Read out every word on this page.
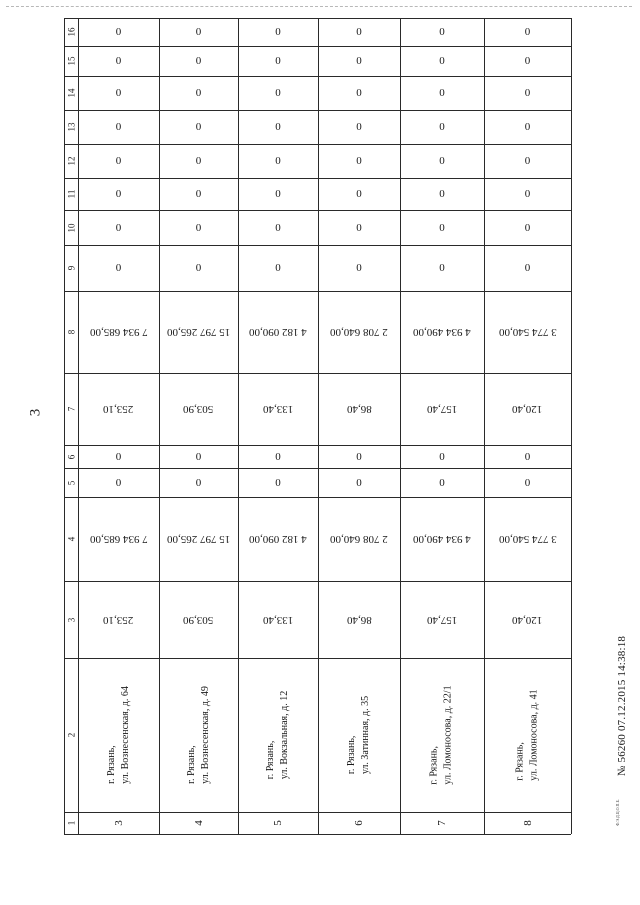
3
16
15
14
13
12
11
10
9
8
7
6
5
4
3
2
1
0
0
0
0
0
0
0
0
7 934 685,00
253,10
0
0
7 934 685,00
253,10
г. Рязань, ул. Вознесенская, д. 64
3
0
0
0
0
0
0
0
0
15 797 265,00
503,90
0
0
15 797 265,00
503,90
г. Рязань, ул. Вознесенская, д. 49
4
0
0
0
0
0
0
0
0
4 182 090,00
133,40
0
0
4 182 090,00
133,40
г. Рязань, ул. Вокзальная, д. 12
5
0
0
0
0
0
0
0
0
2 708 640,00
86,40
0
0
2 708 640,00
86,40
г. Рязань, ул. Затинная, д. 35
6
0
0
0
0
0
0
0
0
4 934 490,00
157,40
0
0
4 934 490,00
157,40
г. Рязань, ул. Ломоносова, д. 22/1
7
0
0
0
0
0
0
0
0
3 774 540,00
120,40
0
0
3 774 540,00
120,40
г. Рязань, ул. Ломоносова, д. 41
8	Ф.Э.Д.Ц.О.П.Б.
№ 56260 07.12.2015 14:38:18
